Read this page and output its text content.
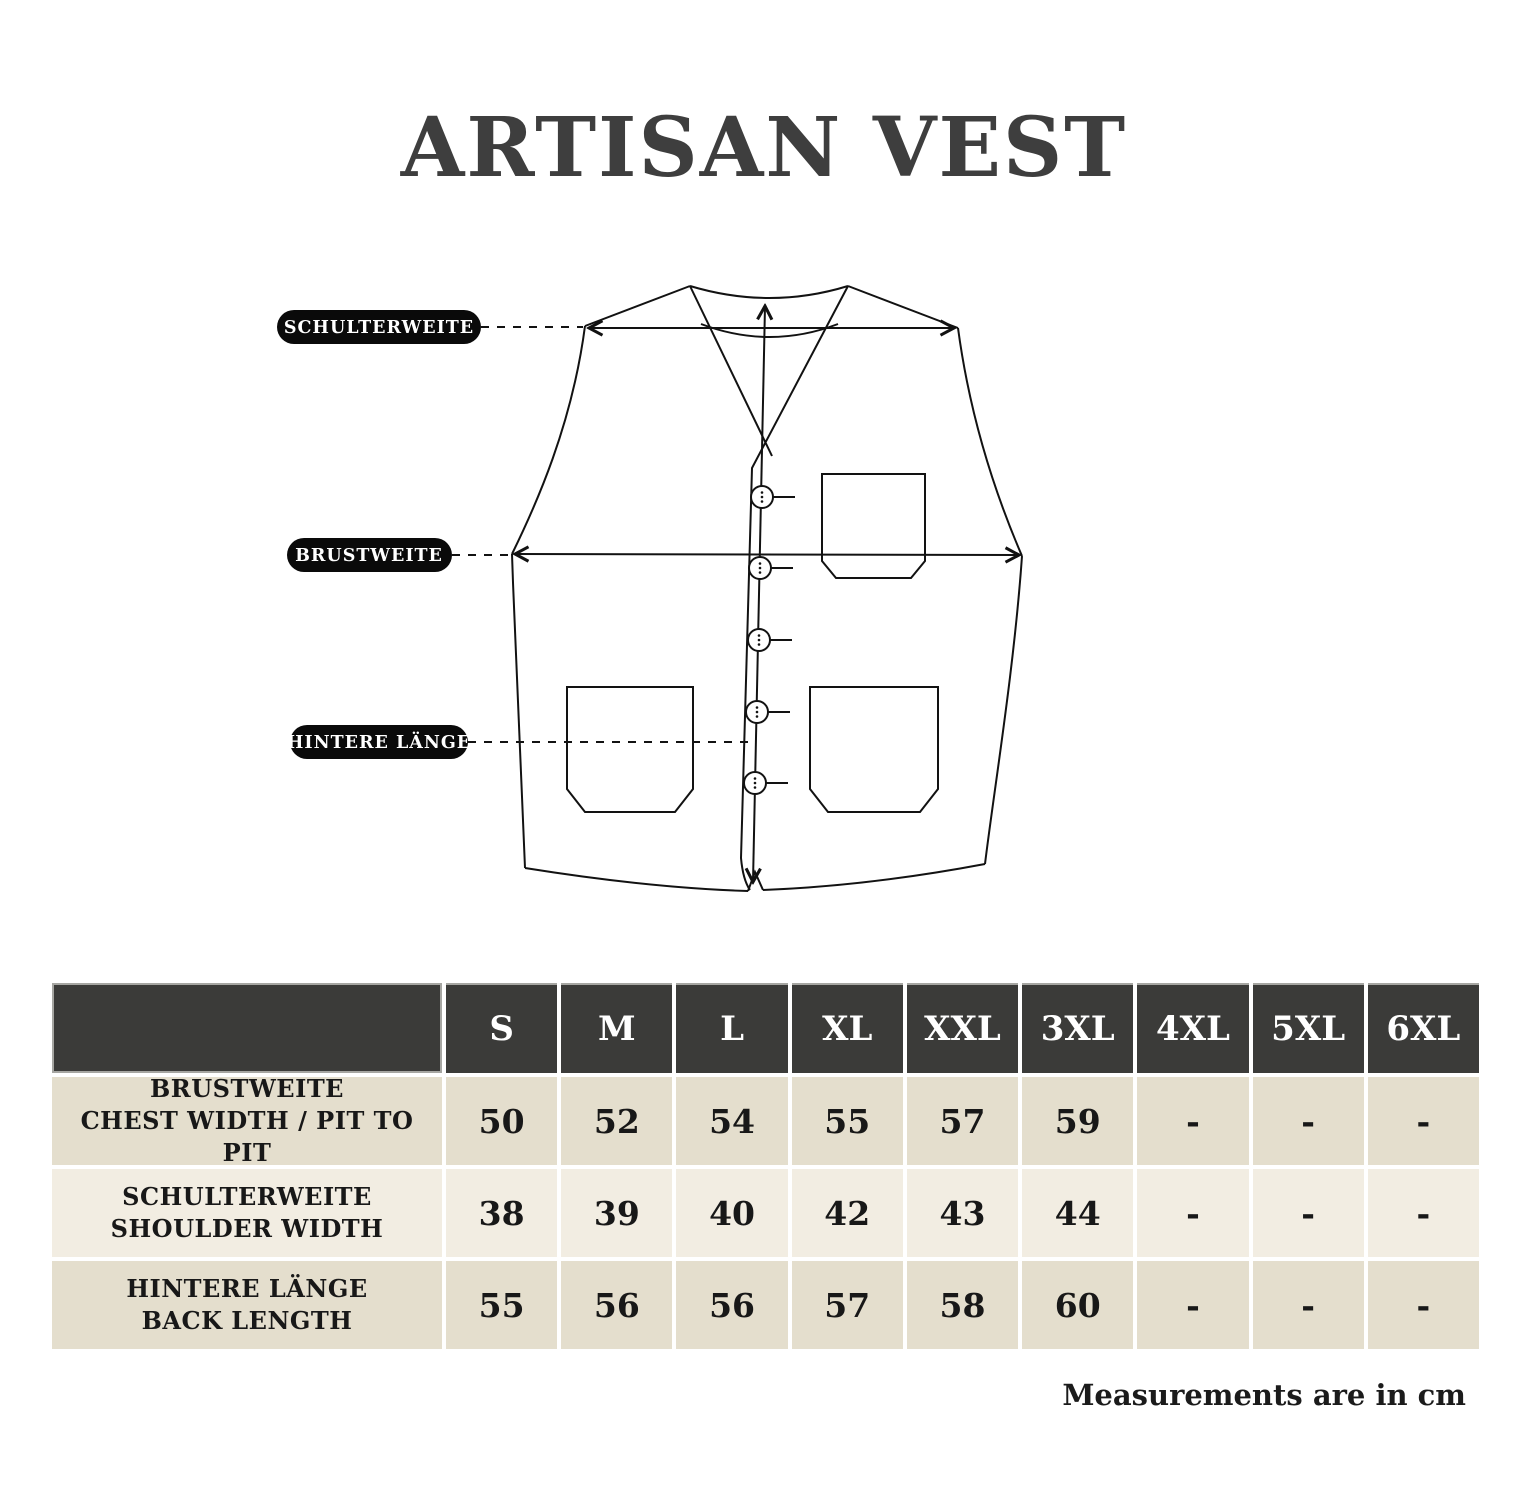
ARTISAN VEST
SCHULTERWEITE
BRUSTWEITE
HINTERE LÄNGE
S	M	L	XL	XXL	3XL	4XL	5XL	6XL
BRUSTWEITE
CHEST WIDTH / PIT TO PIT
50	52	54	55	57	59	-	-	-
SCHULTERWEITE
SHOULDER WIDTH	38	39	40	42	43	44	-	-	-
HINTERE LÄNGE
BACK LENGTH	55	56	56	57	58	60	-	-	-
Measurements are in cm
